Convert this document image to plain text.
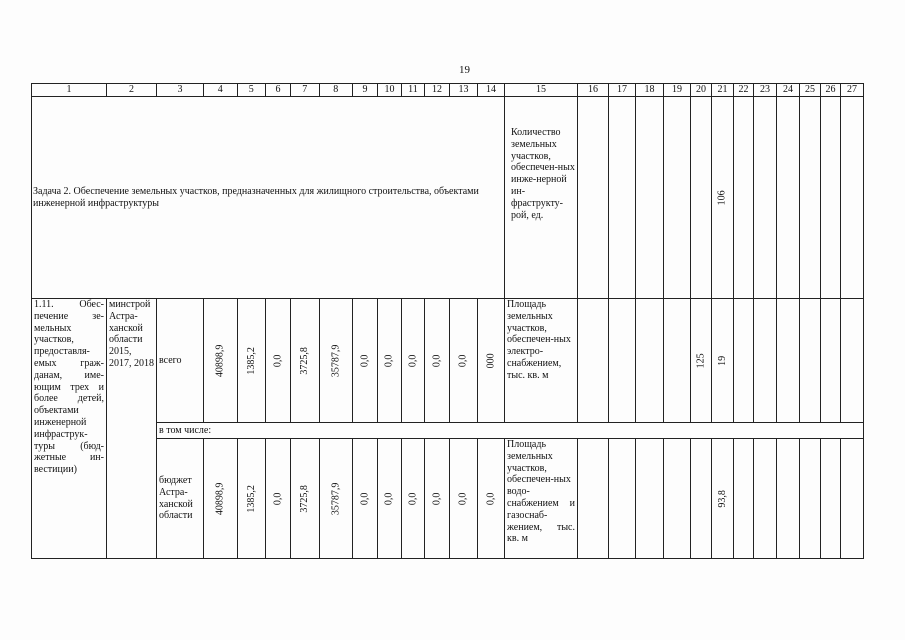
19
1	2	3	4	5	6	7	8	9	10	11	12	13	14	15	16	17	18	19	20	21	22	23	24	25	26	27
Задача 2. Обеспечение земельных участков, предназначенных для жилищного строительства, объектами инженерной инфраструктуры														Количество земельных участков, обеспечен-ных инже-нерной ин-фраструкту-рой, ед.						106						
1.11. Обес-печение зе-мельных участков, предоставля-емых граж-данам, име-ющим трех и более детей, объектами инженерной инфраструк-туры (бюд-жетные ин-вестиции)	минстрой Астра-ханской области 2015, 2017, 2018	всего	40898,9	1385,2	0,0	3725,8	35787,9	0,0	0,0	0,0	0,0	0,0	000	Площадь земельных участков, обеспечен-ных электро-снабжением, тыс. кв. м					125	19						
		в том числе:																								
		бюджет Астра-ханской области	40898,9	1385,2	0,0	3725,8	35787,9	0,0	0,0	0,0	0,0	0,0	0,0	Площадь земельных участков, обеспечен-ных водо-снабжением и газоснаб-жением, тыс. кв. м						93,8						
